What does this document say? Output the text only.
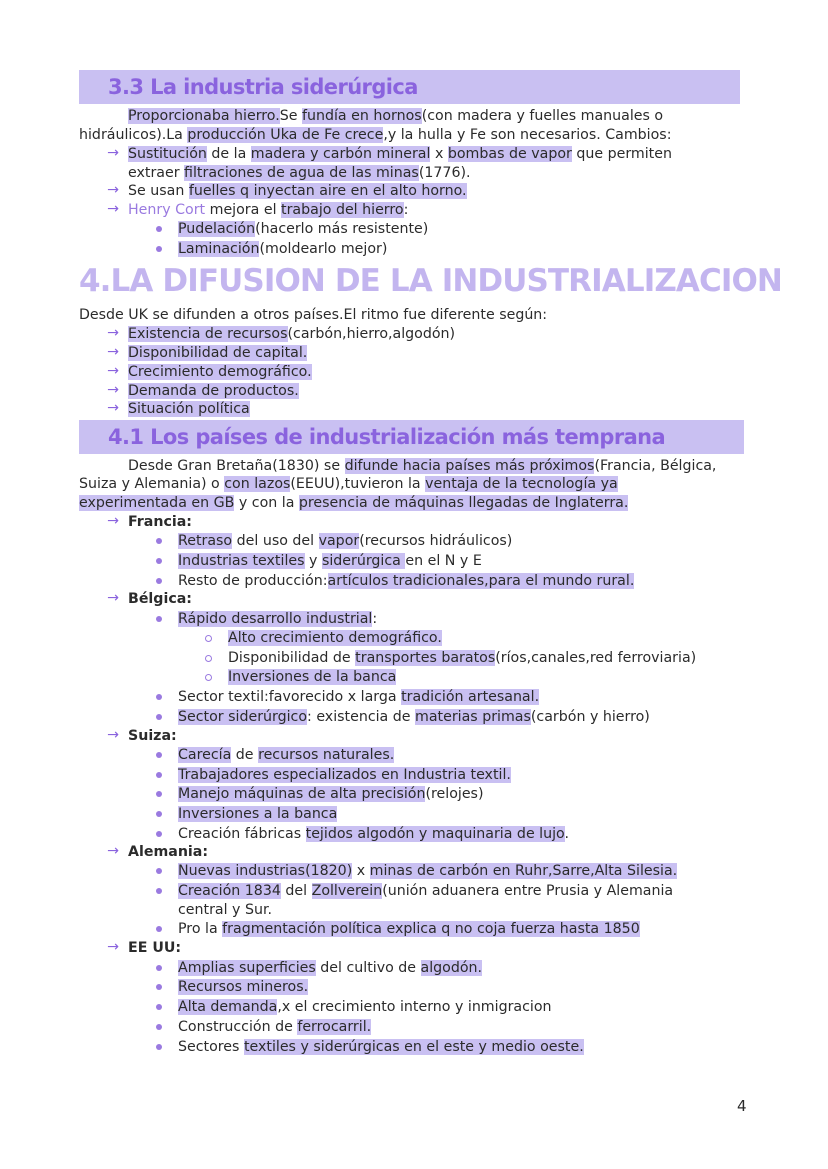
3.3 La industria siderúrgica
Proporcionaba hierro.Se fundía en hornos(con madera y fuelles manuales o
hidráulicos).La producción Uka de Fe crece,y la hulla y Fe son necesarios. Cambios:
→ Sustitución de la madera y carbón mineral x bombas de vapor que permiten
extraer filtraciones de agua de las minas(1776).
→ Se usan fuelles q inyectan aire en el alto horno.
→ Henry Cort mejora el trabajo del hierro:
Pudelación(hacerlo más resistente)
Laminación(moldearlo mejor)
4.LA DIFUSION DE LA INDUSTRIALIZACION
Desde UK se difunden a otros países.El ritmo fue diferente según:
→ Existencia de recursos(carbón,hierro,algodón)
→ Disponibilidad de capital.
→ Crecimiento demográfico.
→ Demanda de productos.
→ Situación política
4.1 Los países de industrialización más temprana
Desde Gran Bretaña(1830) se difunde hacia países más próximos(Francia, Bélgica,
Suiza y Alemania) o con lazos(EEUU),tuvieron la ventaja de la tecnología ya
experimentada en GB y con la presencia de máquinas llegadas de Inglaterra.
→ Francia:
Retraso del uso del vapor(recursos hidráulicos)
Industrias textiles y siderúrgica en el N y E
Resto de producción:artículos tradicionales,para el mundo rural.
→ Bélgica:
Rápido desarrollo industrial:
Alto crecimiento demográfico.
Disponibilidad de transportes baratos(ríos,canales,red ferroviaria)
Inversiones de la banca
Sector textil:favorecido x larga tradición artesanal.
Sector siderúrgico: existencia de materias primas(carbón y hierro)
→ Suiza:
Carecía de recursos naturales.
Trabajadores especializados en Industria textil.
Manejo máquinas de alta precisión(relojes)
Inversiones a la banca
Creación fábricas tejidos algodón y maquinaria de lujo.
→ Alemania:
Nuevas industrias(1820) x minas de carbón en Ruhr,Sarre,Alta Silesia.
Creación 1834 del Zollverein(unión aduanera entre Prusia y Alemania
central y Sur.
Pro la fragmentación política explica q no coja fuerza hasta 1850
→ EE UU:
Amplias superficies del cultivo de algodón.
Recursos mineros.
Alta demanda,x el crecimiento interno y inmigracion
Construcción de ferrocarril.
Sectores textiles y siderúrgicas en el este y medio oeste.
4
